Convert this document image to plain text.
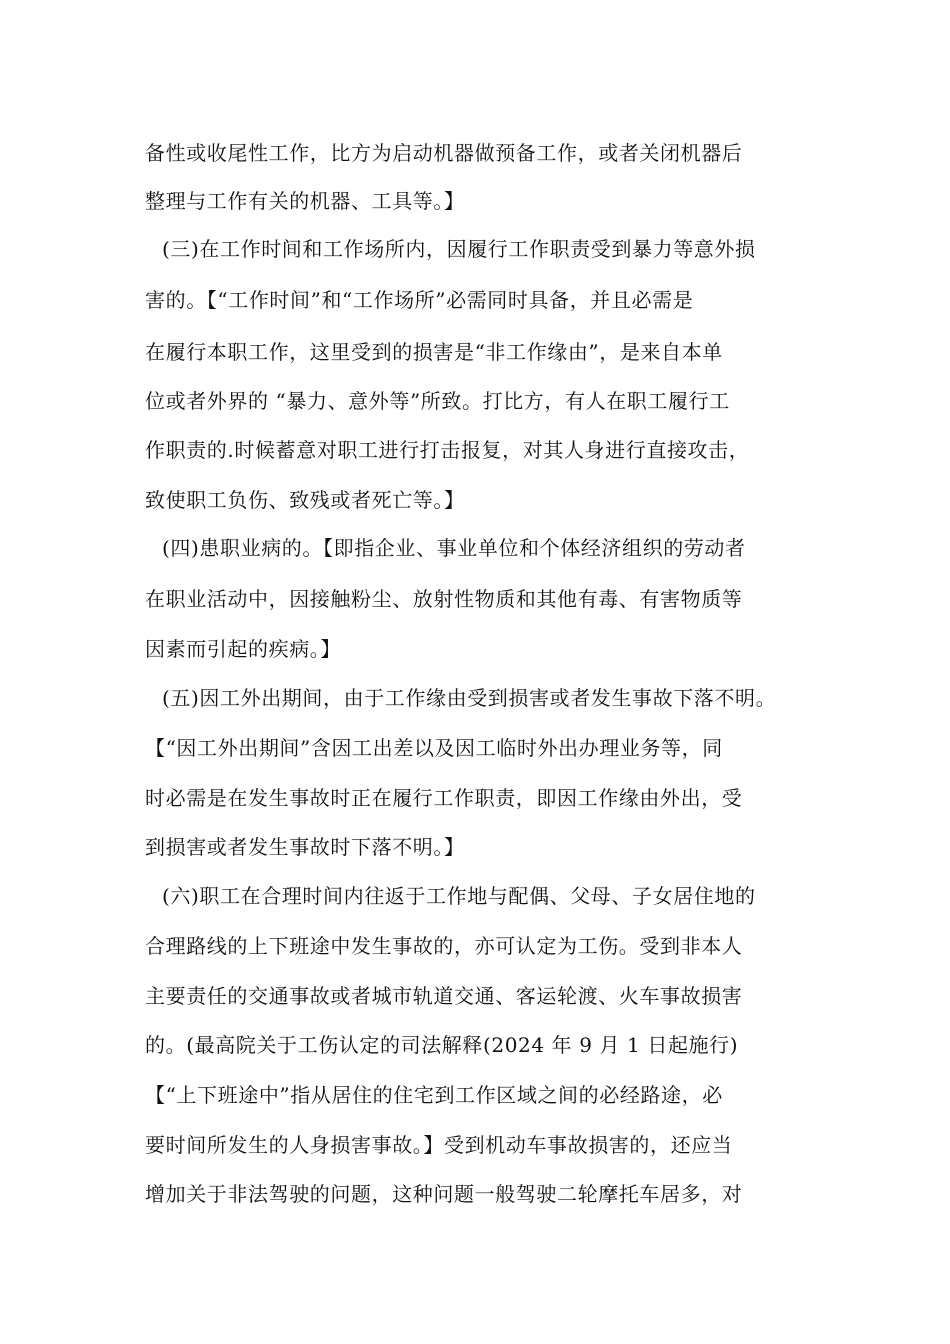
备性或收尾性工作，比方为启动机器做预备工作，或者关闭机器后
整理与工作有关的机器、工具等。】
(三)在工作时间和工作场所内，因履行工作职责受到暴力等意外损
害的。【“工作时间”和“工作场所”必需同时具备，并且必需是
在履行本职工作，这里受到的损害是“非工作缘由”，是来自本单
位或者外界的 “暴力、意外等”所致。打比方，有人在职工履行工
作职责的.时候蓄意对职工进行打击报复，对其人身进行直接攻击，
致使职工负伤、致残或者死亡等。】
(四)患职业病的。【即指企业、事业单位和个体经济组织的劳动者
在职业活动中，因接触粉尘、放射性物质和其他有毒、有害物质等
因素而引起的疾病。】
(五)因工外出期间，由于工作缘由受到损害或者发生事故下落不明。
【“因工外出期间”含因工出差以及因工临时外出办理业务等，同
时必需是在发生事故时正在履行工作职责，即因工作缘由外出，受
到损害或者发生事故时下落不明。】
(六)职工在合理时间内往返于工作地与配偶、父母、子女居住地的
合理路线的上下班途中发生事故的，亦可认定为工伤。受到非本人
主要责任的交通事故或者城市轨道交通、客运轮渡、火车事故损害
的。(最高院关于工伤认定的司法解释(2024 年 9 月 1 日起施行)
【“上下班途中”指从居住的住宅到工作区域之间的必经路途，必
要时间所发生的人身损害事故。】受到机动车事故损害的，还应当
增加关于非法驾驶的问题，这种问题一般驾驶二轮摩托车居多，对
